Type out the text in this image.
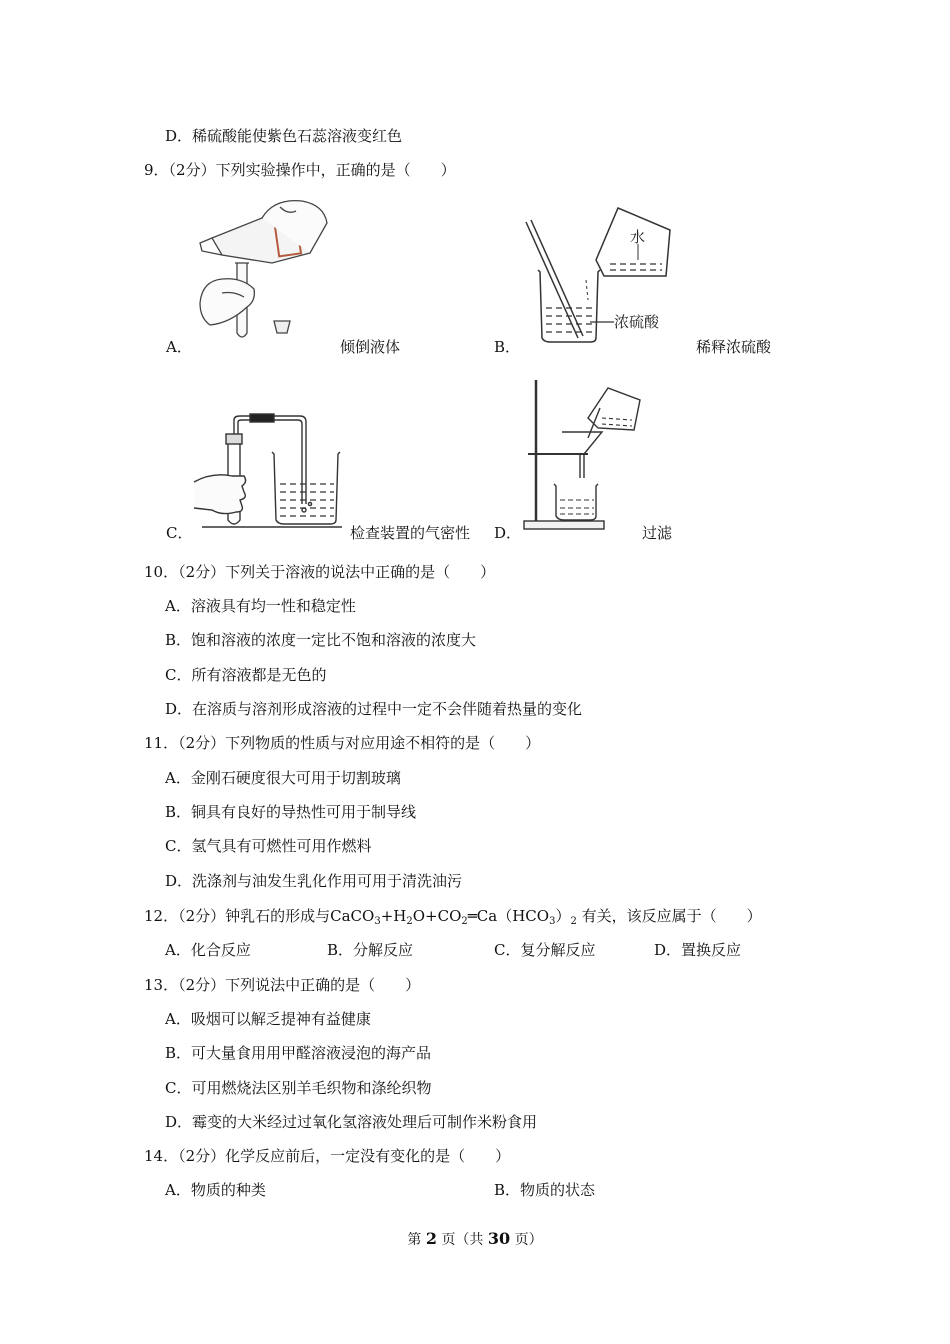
D．稀硫酸能使紫色石蕊溶液变红色
9．（2分）下列实验操作中，正确的是（　　）
A．	倾倒液体
水
浓硫酸
B．	稀释浓硫酸
C．	检查装置的气密性 D．	过滤
10．（2分）下列关于溶液的说法中正确的是（　　）
A．溶液具有均一性和稳定性
B．饱和溶液的浓度一定比不饱和溶液的浓度大
C．所有溶液都是无色的
D．在溶质与溶剂形成溶液的过程中一定不会伴随着热量的变化
11．（2分）下列物质的性质与对应用途不相符的是（　　）
A．金刚石硬度很大可用于切割玻璃
B．铜具有良好的导热性可用于制导线
C．氢气具有可燃性可用作燃料
D．洗涤剂与油发生乳化作用可用于清洗油污
12．（2分）钟乳石的形成与$CaCO_3+H_2O+CO_2═Ca(HCO_3)_2$ 有关，该反应属于（　　）
A．化合反应	B．分解反应	C．复分解反应	D．置换反应
13．（2分）下列说法中正确的是（　　）
A．吸烟可以解乏提神有益健康
B．可大量食用用甲醛溶液浸泡的海产品
C．可用燃烧法区别羊毛织物和涤纶织物
D．霉变的大米经过过氧化氢溶液处理后可制作米粉食用
14．（2分）化学反应前后，一定没有变化的是（　　）
A．物质的种类	B．物质的状态
第 2 页（共 30 页）
